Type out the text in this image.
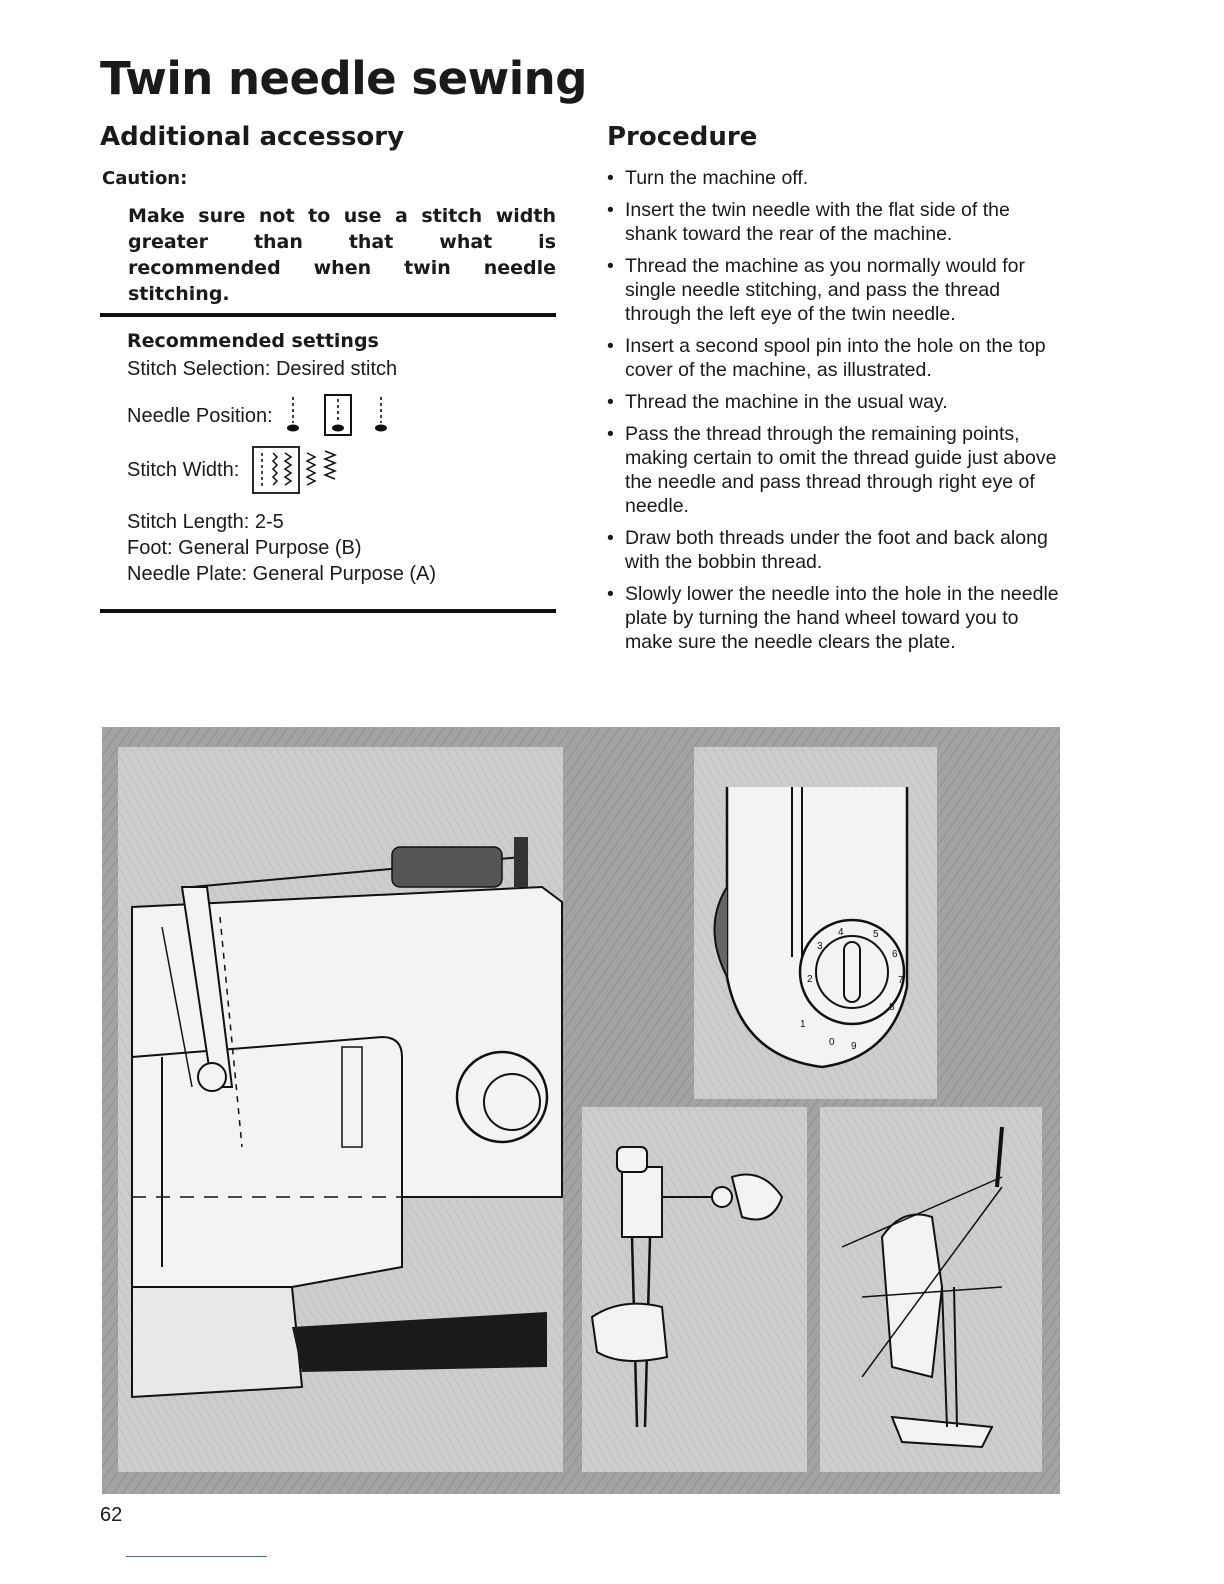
Twin needle sewing
Additional accessory
Caution:
Make sure not to use a stitch width greater than that what is recommended when twin needle stitching.
Recommended settings
Stitch Selection: Desired stitch
Needle Position:
Stitch Width:
Stitch Length: 2-5
Foot: General Purpose (B)
Needle Plate: General Purpose (A)
Procedure
• Turn the machine off.
• Insert the twin needle with the flat side of the shank toward the rear of the machine.
• Thread the machine as you normally would for single needle stitching, and pass the thread through the left eye of the twin needle.
• Insert a second spool pin into the hole on the top cover of the machine, as illustrated.
• Thread the machine in the usual way.
• Pass the thread through the remaining points, making certain to omit the thread guide just above the needle and pass thread through right eye of needle.
• Draw both threads under the foot and back along with the bobbin thread.
• Slowly lower the needle into the hole in the needle plate by turning the hand wheel toward you to make sure the needle clears the plate.
1
0 9
2
3
4	5
6
7
8
62
